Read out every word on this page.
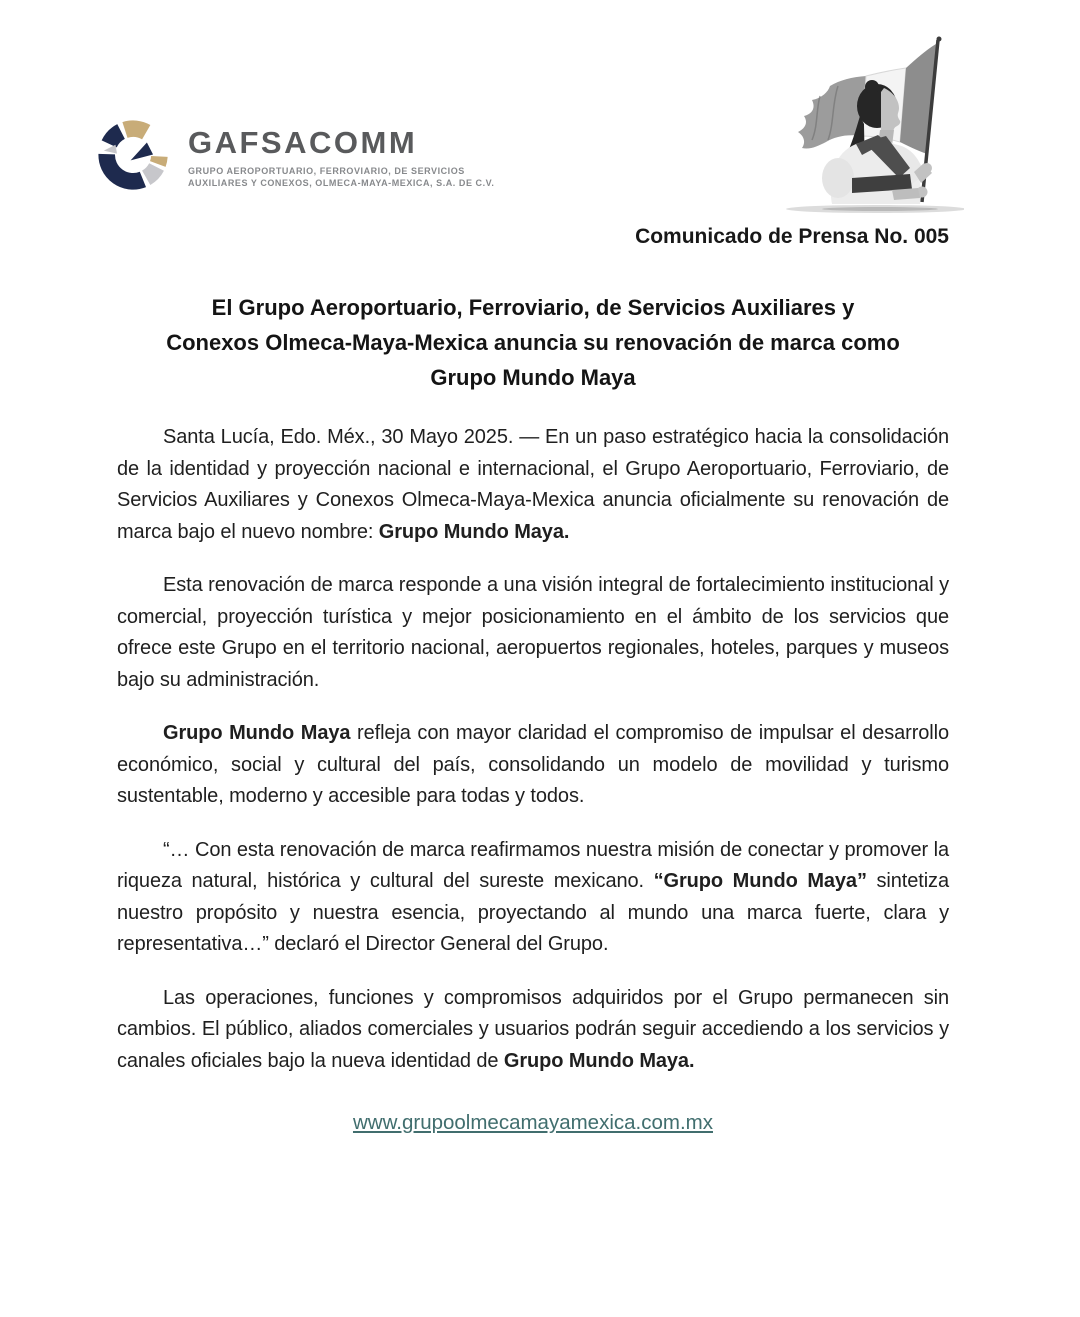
GAFSACOMM
GRUPO AEROPORTUARIO, FERROVIARIO, DE SERVICIOS
AUXILIARES Y CONEXOS, OLMECA-MAYA-MEXICA, S.A. DE C.V.
Comunicado de Prensa No. 005
El Grupo Aeroportuario, Ferroviario, de Servicios Auxiliares y
Conexos Olmeca-Maya-Mexica anuncia su renovación de marca como
Grupo Mundo Maya

Santa Lucía, Edo. Méx., 30 Mayo 2025. — En un paso estratégico hacia la consolidación de la identidad y proyección nacional e internacional, el Grupo Aeroportuario, Ferroviario, de Servicios Auxiliares y Conexos Olmeca-Maya-Mexica anuncia oficialmente su renovación de marca bajo el nuevo nombre: Grupo Mundo Maya.

Esta renovación de marca responde a una visión integral de fortalecimiento institucional y comercial, proyección turística y mejor posicionamiento en el ámbito de los servicios que ofrece este Grupo en el territorio nacional, aeropuertos regionales, hoteles, parques y museos bajo su administración.

Grupo Mundo Maya refleja con mayor claridad el compromiso de impulsar el desarrollo económico, social y cultural del país, consolidando un modelo de movilidad y turismo sustentable, moderno y accesible para todas y todos.

“… Con esta renovación de marca reafirmamos nuestra misión de conectar y promover la riqueza natural, histórica y cultural del sureste mexicano. “Grupo Mundo Maya” sintetiza nuestro propósito y nuestra esencia, proyectando al mundo una marca fuerte, clara y representativa…” declaró el Director General del Grupo.

Las operaciones, funciones y compromisos adquiridos por el Grupo permanecen sin cambios. El público, aliados comerciales y usuarios podrán seguir accediendo a los servicios y canales oficiales bajo la nueva identidad de Grupo Mundo Maya.

www.grupoolmecamayamexica.com.mx
